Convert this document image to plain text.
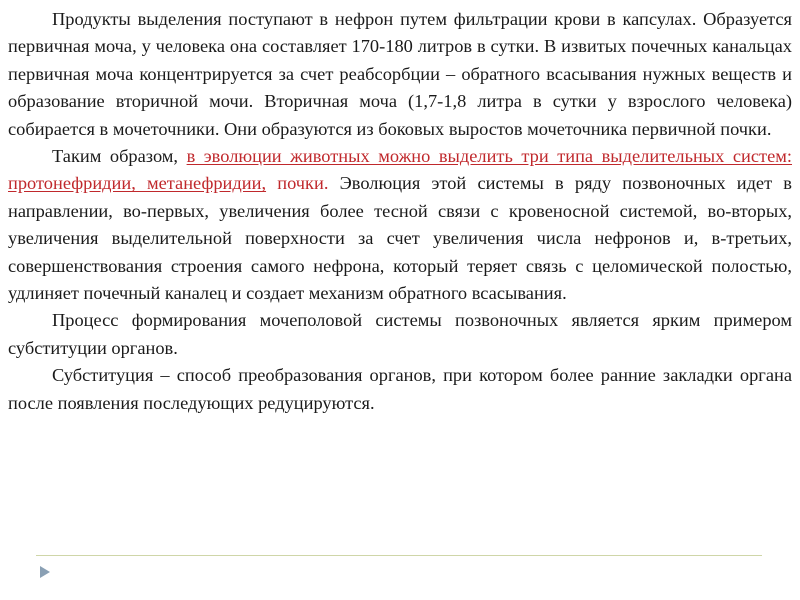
Продукты выделения поступают в нефрон путем фильтрации крови в капсулах. Образуется первичная моча, у человека она составляет 170-180 литров в сутки. В извитых почечных канальцах первичная моча концентрируется за счет реабсорбции – обратного всасывания нужных веществ и образование вторичной мочи. Вторичная моча (1,7-1,8 литра в сутки у взрослого человека) собирается в мочеточники. Они образуются из боковых выростов мочеточника первичной почки.

Таким образом, в эволюции животных можно выделить три типа выделительных систем: протонефридии, метанефридии, почки. Эволюция этой системы в ряду позвоночных идет в направлении, во-первых, увеличения более тесной связи с кровеносной системой, во-вторых, увеличения выделительной поверхности за счет увеличения числа нефронов и, в-третьих, совершенствования строения самого нефрона, который теряет связь с целомической полостью, удлиняет почечный каналец и создает механизм обратного всасывания.

Процесс формирования мочеполовой системы позвоночных является ярким примером субституции органов.

Субституция – способ преобразования органов, при котором более ранние закладки органа после появления последующих редуцируются.
